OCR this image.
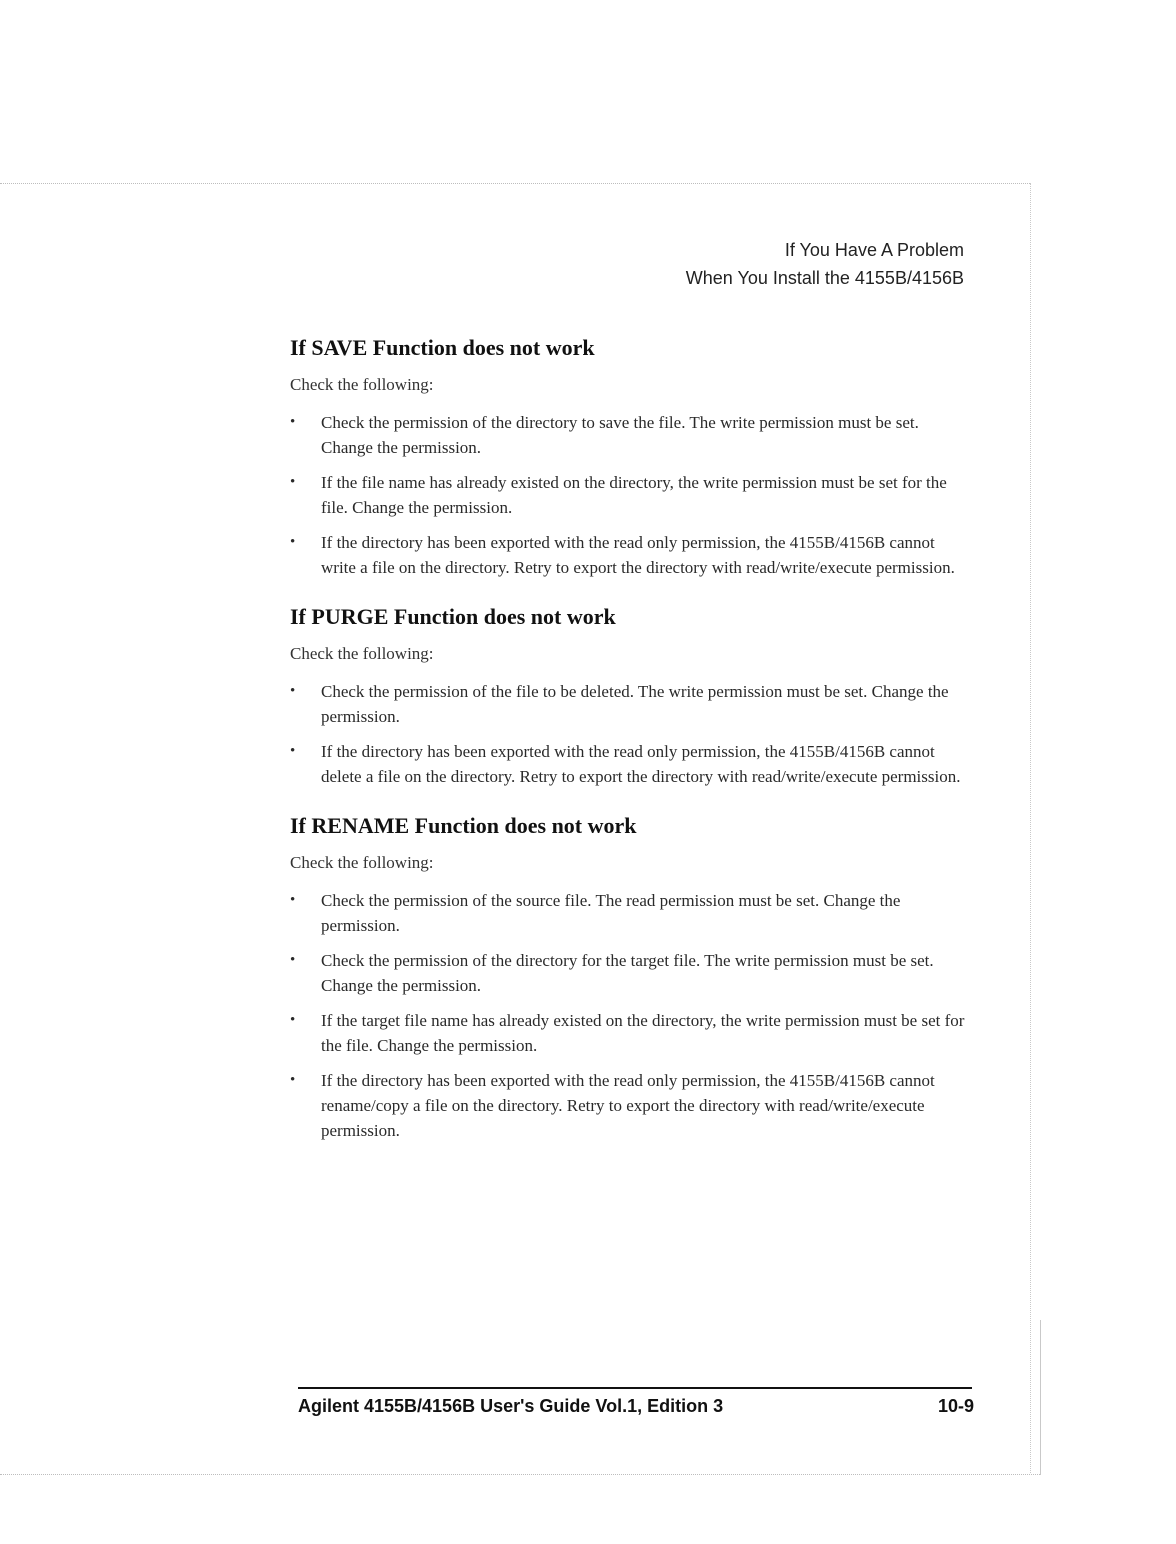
If You Have A Problem
When You Install the 4155B/4156B
If SAVE Function does not work

Check the following:

• Check the permission of the directory to save the file. The write permission must be set. Change the permission.
• If the file name has already existed on the directory, the write permission must be set for the file. Change the permission.
• If the directory has been exported with the read only permission, the 4155B/4156B cannot write a file on the directory. Retry to export the directory with read/write/execute permission.
If PURGE Function does not work

Check the following:

• Check the permission of the file to be deleted. The write permission must be set. Change the permission.
• If the directory has been exported with the read only permission, the 4155B/4156B cannot delete a file on the directory. Retry to export the directory with read/write/execute permission.
If RENAME Function does not work

Check the following:

• Check the permission of the source file. The read permission must be set. Change the permission.
• Check the permission of the directory for the target file. The write permission must be set. Change the permission.
• If the target file name has already existed on the directory, the write permission must be set for the file. Change the permission.
• If the directory has been exported with the read only permission, the 4155B/4156B cannot rename/copy a file on the directory. Retry to export the directory with read/write/execute permission.
Agilent 4155B/4156B User's Guide Vol.1, Edition 3	10-9
